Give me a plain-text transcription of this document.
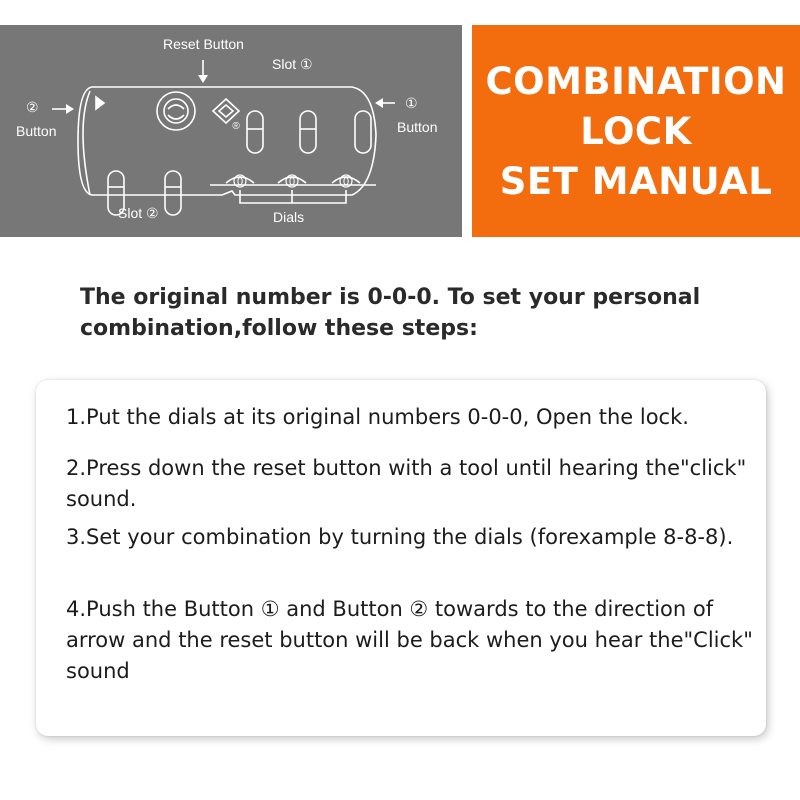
0	0	0
®
Reset Button
Slot ①
②
Button
①
Button
Slot ②	Dials
COMBINATION
LOCK
SET MANUAL
The original number is 0-0-0. To set your personal combination,follow these steps:
1.Put the dials at its original numbers 0-0-0, Open the lock.
2.Press down the reset button with a tool until hearing the"click" sound.
3.Set your combination by turning the dials (forexample 8-8-8).
4.Push the Button ① and Button ② towards to the direction of arrow and the reset button will be back when you hear the"Click" sound
